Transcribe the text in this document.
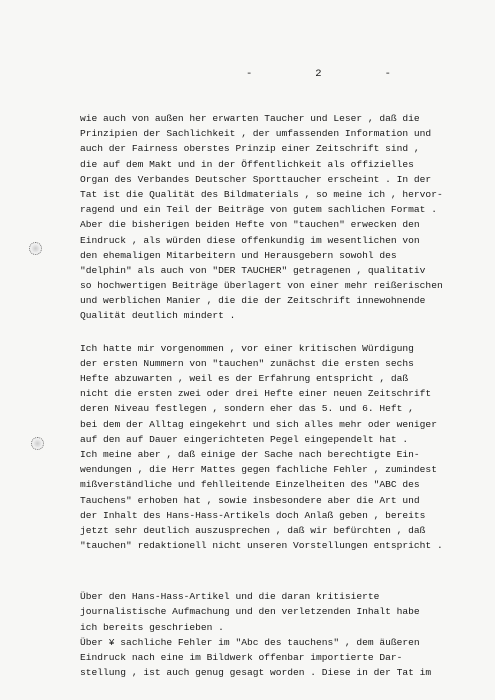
-          2          -
wie auch von außen her erwarten Taucher und Leser , daß die
Prinzipien der Sachlichkeit , der umfassenden Information und
auch der Fairness oberstes Prinzip einer Zeitschrift sind ,
die auf dem Makt und in der Öffentlichkeit als offizielles
Organ des Verbandes Deutscher Sporttaucher erscheint . In der
Tat ist die Qualität des Bildmaterials , so meine ich , hervor-
ragend und ein Teil der Beiträge von gutem sachlichen Format .
Aber die bisherigen beiden Hefte von "tauchen" erwecken den
Eindruck , als würden diese offenkundig im wesentlichen von
den ehemaligen Mitarbeitern und Herausgebern sowohl des
"delphin" als auch von "DER TAUCHER" getragenen , qualitativ
so hochwertigen Beiträge überlagert von einer mehr reißerischen
und werblichen Manier , die die der Zeitschrift innewohnende
Qualität deutlich mindert .
Ich hatte mir vorgenommen , vor einer kritischen Würdigung
der ersten Nummern von "tauchen" zunächst die ersten sechs
Hefte abzuwarten , weil es der Erfahrung entspricht , daß
nicht die ersten zwei oder drei Hefte einer neuen Zeitschrift
deren Niveau festlegen , sondern eher das 5. und 6. Heft ,
bei dem der Alltag eingekehrt und sich alles mehr oder weniger
auf den auf Dauer eingerichteten Pegel eingependelt hat .
Ich meine aber , daß einige der Sache nach berechtigte Ein-
wendungen , die Herr Mattes gegen fachliche Fehler , zumindest
mißverständliche und fehlleitende Einzelheiten des "ABC des
Tauchens" erhoben hat , sowie insbesondere aber die Art und
der Inhalt des Hans-Hass-Artikels doch Anlaß geben , bereits
jetzt sehr deutlich auszusprechen , daß wir befürchten , daß
"tauchen" redaktionell nicht unseren Vorstellungen entspricht .
Über den Hans-Hass-Artikel und die daran kritisierte
journalistische Aufmachung und den verletzenden Inhalt habe
ich bereits geschrieben .
Über ¥ sachliche Fehler im "Abc des tauchens" , dem äußeren
Eindruck nach eine im Bildwerk offenbar importierte Dar-
stellung , ist auch genug gesagt worden . Diese in der Tat im
